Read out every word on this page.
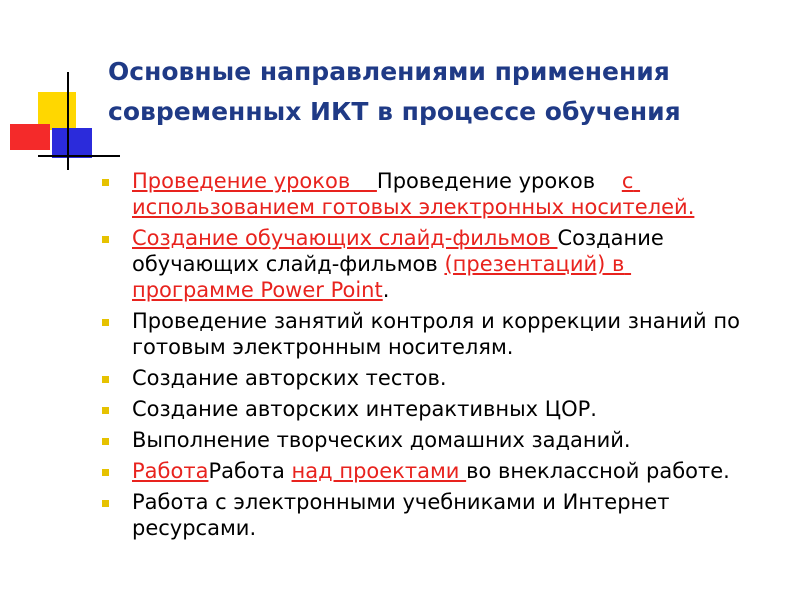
Основные направлениями применения
современных ИКТ в процессе обучения
Проведение уроков    Проведение уроков    с использованием готовых электронных носителей.
Создание обучающих слайд-фильмов Создание обучающих слайд-фильмов (презентаций) в программе Power Point.
Проведение занятий контроля и коррекции знаний по готовым электронным носителям.
Создание авторских тестов.
Создание авторских интерактивных ЦОР.
Выполнение творческих домашних заданий.
РаботаРабота над проектами во внеклассной работе.
Работа с электронными учебниками и Интернет ресурсами.
